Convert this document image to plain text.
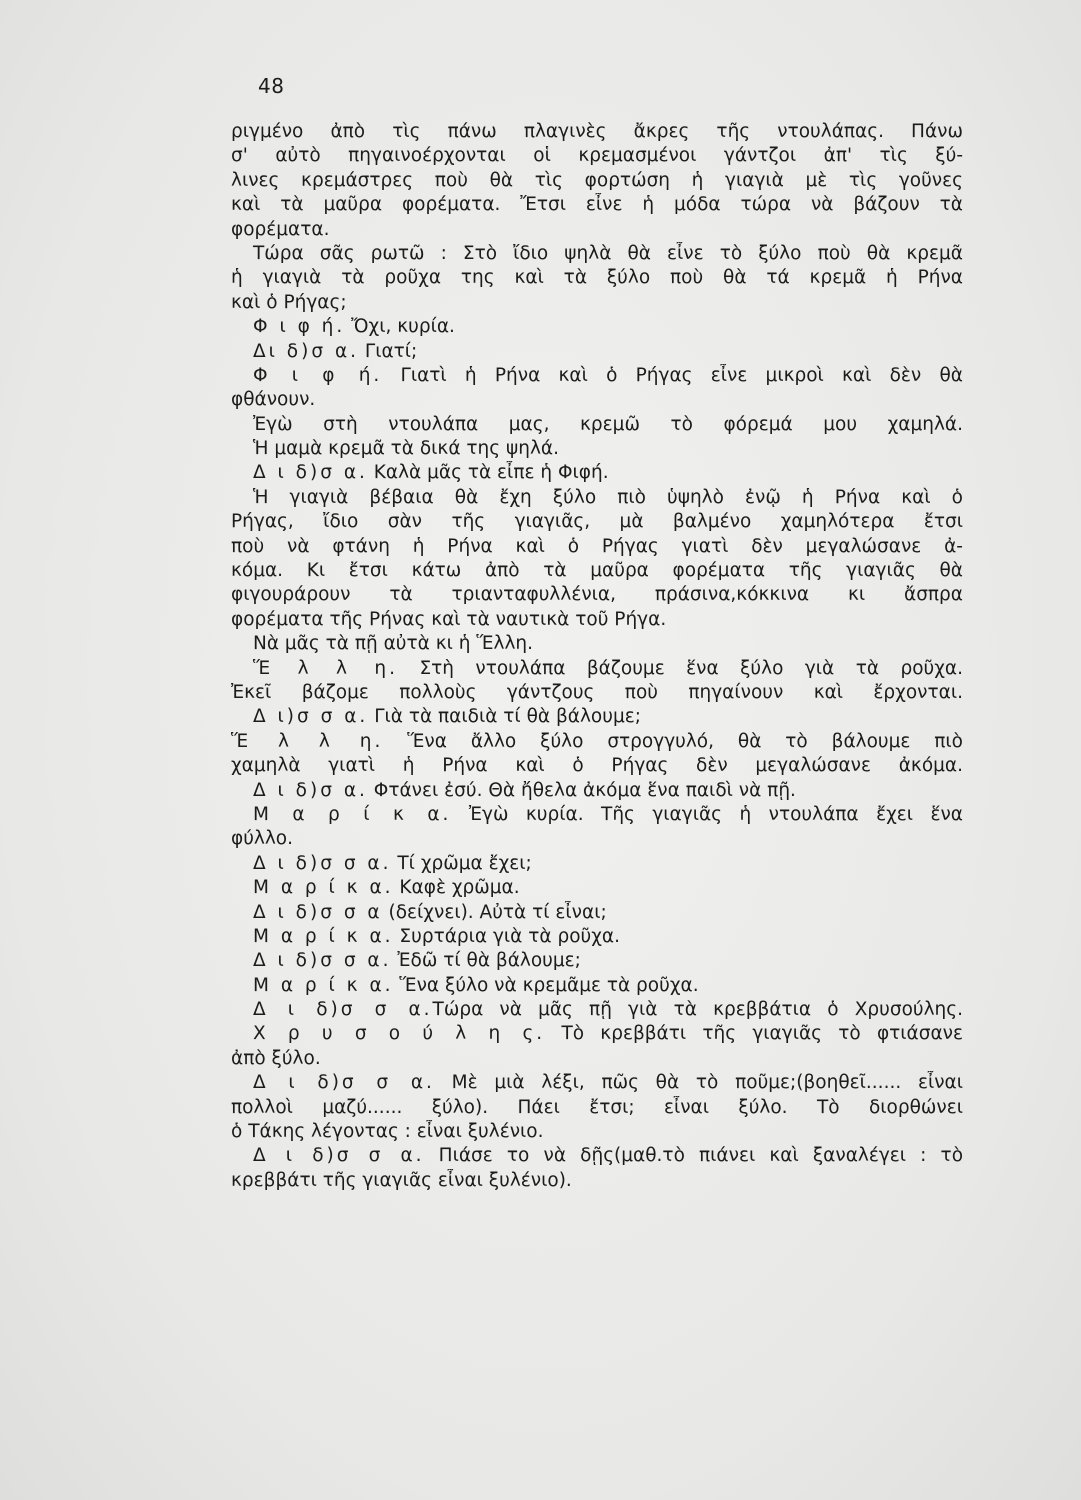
48
ριγμένο ἀπὸ τὶς πάνω πλαγινὲς ἄκρες τῆς ντουλάπας. Πάνω
σ' αὐτὸ πηγαινοέρχονται οἱ κρεμασμένοι γάντζοι ἀπ' τὶς ξύ-
λινες κρεμάστρες ποὺ θὰ τὶς φορτώση ἡ γιαγιὰ μὲ τὶς γοῦνες
καὶ τὰ μαῦρα φορέματα. Ἔτσι εἶνε ἡ μόδα τώρα νὰ βάζουν τὰ
φορέματα.
Τώρα σᾶς ρωτῶ : Στὸ ἴδιο ψηλὰ θὰ εἶνε τὸ ξύλο ποὺ θὰ κρεμᾶ
ἡ γιαγιὰ τὰ ροῦχα της καὶ τὰ ξύλο ποὺ θὰ τά κρεμᾶ ἡ Ρήνα
καὶ ὁ Ρήγας;
Φ ι φ ή. Ὄχι, κυρία.
Δι δ)σ α. Γιατί;
Φ ι φ ή. Γιατὶ ἡ Ρήνα καὶ ὁ Ρήγας εἶνε μικροὶ καὶ δὲν θὰ
φθάνουν.
Ἐγὼ στὴ ντουλάπα μας, κρεμῶ τὸ φόρεμά μου χαμηλά.
Ἡ μαμὰ κρεμᾶ τὰ δικά της ψηλά.
Δ ι δ)σ α. Καλὰ μᾶς τὰ εἶπε ἡ Φιφή.
Ἡ γιαγιὰ βέβαια θὰ ἔχη ξύλο πιὸ ὑψηλὸ ἐνῷ ἡ Ρήνα καὶ ὁ
Ρήγας, ἴδιο σὰν τῆς γιαγιᾶς, μὰ βαλμένο χαμηλότερα ἔτσι
ποὺ νὰ φτάνη ἡ Ρήνα καὶ ὁ Ρήγας γιατὶ δὲν μεγαλώσανε ἀ-
κόμα. Κι ἔτσι κάτω ἀπὸ τὰ μαῦρα φορέματα τῆς γιαγιᾶς θὰ
φιγουράρουν τὰ τριανταφυλλένια, πράσινα,κόκκινα κι ἄσπρα
φορέματα τῆς Ρήνας καὶ τὰ ναυτικὰ τοῦ Ρήγα.
Νὰ μᾶς τὰ πῇ αὐτὰ κι ἡ Ἕλλη.
Ἕ λ λ η. Στὴ ντουλάπα βάζουμε ἕνα ξύλο γιὰ τὰ ροῦχα.
Ἐκεῖ βάζομε πολλοὺς γάντζους ποὺ πηγαίνουν καὶ ἔρχονται.
Δ ι)σ σ α. Γιὰ τὰ παιδιὰ τί θὰ βάλουμε;
Ἕ λ λ η. Ἕνα ἄλλο ξύλο στρογγυλό, θὰ τὸ βάλουμε πιὸ
χαμηλὰ γιατὶ ἡ Ρήνα καὶ ὁ Ρήγας δὲν μεγαλώσανε ἀκόμα.
Δ ι δ)σ α. Φτάνει ἐσύ. Θὰ ἤθελα ἀκόμα ἕνα παιδὶ νὰ πῇ.
Μ α ρ ί κ α. Ἐγὼ κυρία. Τῆς γιαγιᾶς ἡ ντουλάπα ἔχει ἕνα
φύλλο.
Δ ι δ)σ σ α. Τί χρῶμα ἔχει;
Μ α ρ ί κ α. Καφὲ χρῶμα.
Δ ι δ)σ σ α (δείχνει). Αὐτὰ τί εἶναι;
Μ α ρ ί κ α. Συρτάρια γιὰ τὰ ροῦχα.
Δ ι δ)σ σ α. Ἐδῶ τί θὰ βάλουμε;
Μ α ρ ί κ α. Ἕνα ξύλο νὰ κρεμᾶμε τὰ ροῦχα.
Δ ι δ)σ σ α.Τώρα νὰ μᾶς πῇ γιὰ τὰ κρεββάτια ὁ Χρυσούλης.
Χ ρ υ σ ο ύ λ η ς. Τὸ κρεββάτι τῆς γιαγιᾶς τὸ φτιάσανε
ἀπὸ ξύλο.
Δ ι δ)σ σ α. Μὲ μιὰ λέξι, πῶς θὰ τὸ ποῦμε;(βοηθεῖ...... εἶναι
πολλοὶ μαζύ...... ξύλο). Πάει ἔτσι; εἶναι ξύλο. Τὸ διορθώνει
ὁ Τάκης λέγοντας : εἶναι ξυλένιο.
Δ ι δ)σ σ α. Πιάσε το νὰ δῇς(μαθ.τὸ πιάνει καὶ ξαναλέγει : τὸ
κρεββάτι τῆς γιαγιᾶς εἶναι ξυλένιο).
